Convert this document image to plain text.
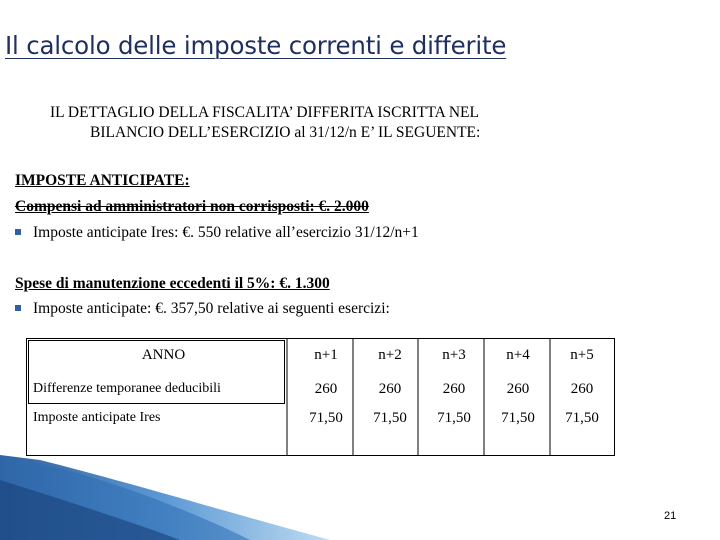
Il calcolo delle imposte correnti e differite
IL DETTAGLIO DELLA FISCALITA’ DIFFERITA ISCRITTA NEL
BILANCIO DELL’ESERCIZIO al 31/12/n E’ IL SEGUENTE:
IMPOSTE ANTICIPATE:
Compensi ad amministratori non corrisposti: €. 2.000
Imposte anticipate Ires: €. 550 relative all’esercizio 31/12/n+1
Spese di manutenzione eccedenti il 5%: €. 1.300
Imposte anticipate: €. 357,50 relative ai seguenti esercizi:
ANNO	n+1	n+2	n+3	n+4	n+5
Differenze temporanee deducibili	260	260	260	260	260
Imposte anticipate Ires	71,50	71,50	71,50	71,50	71,50
21
